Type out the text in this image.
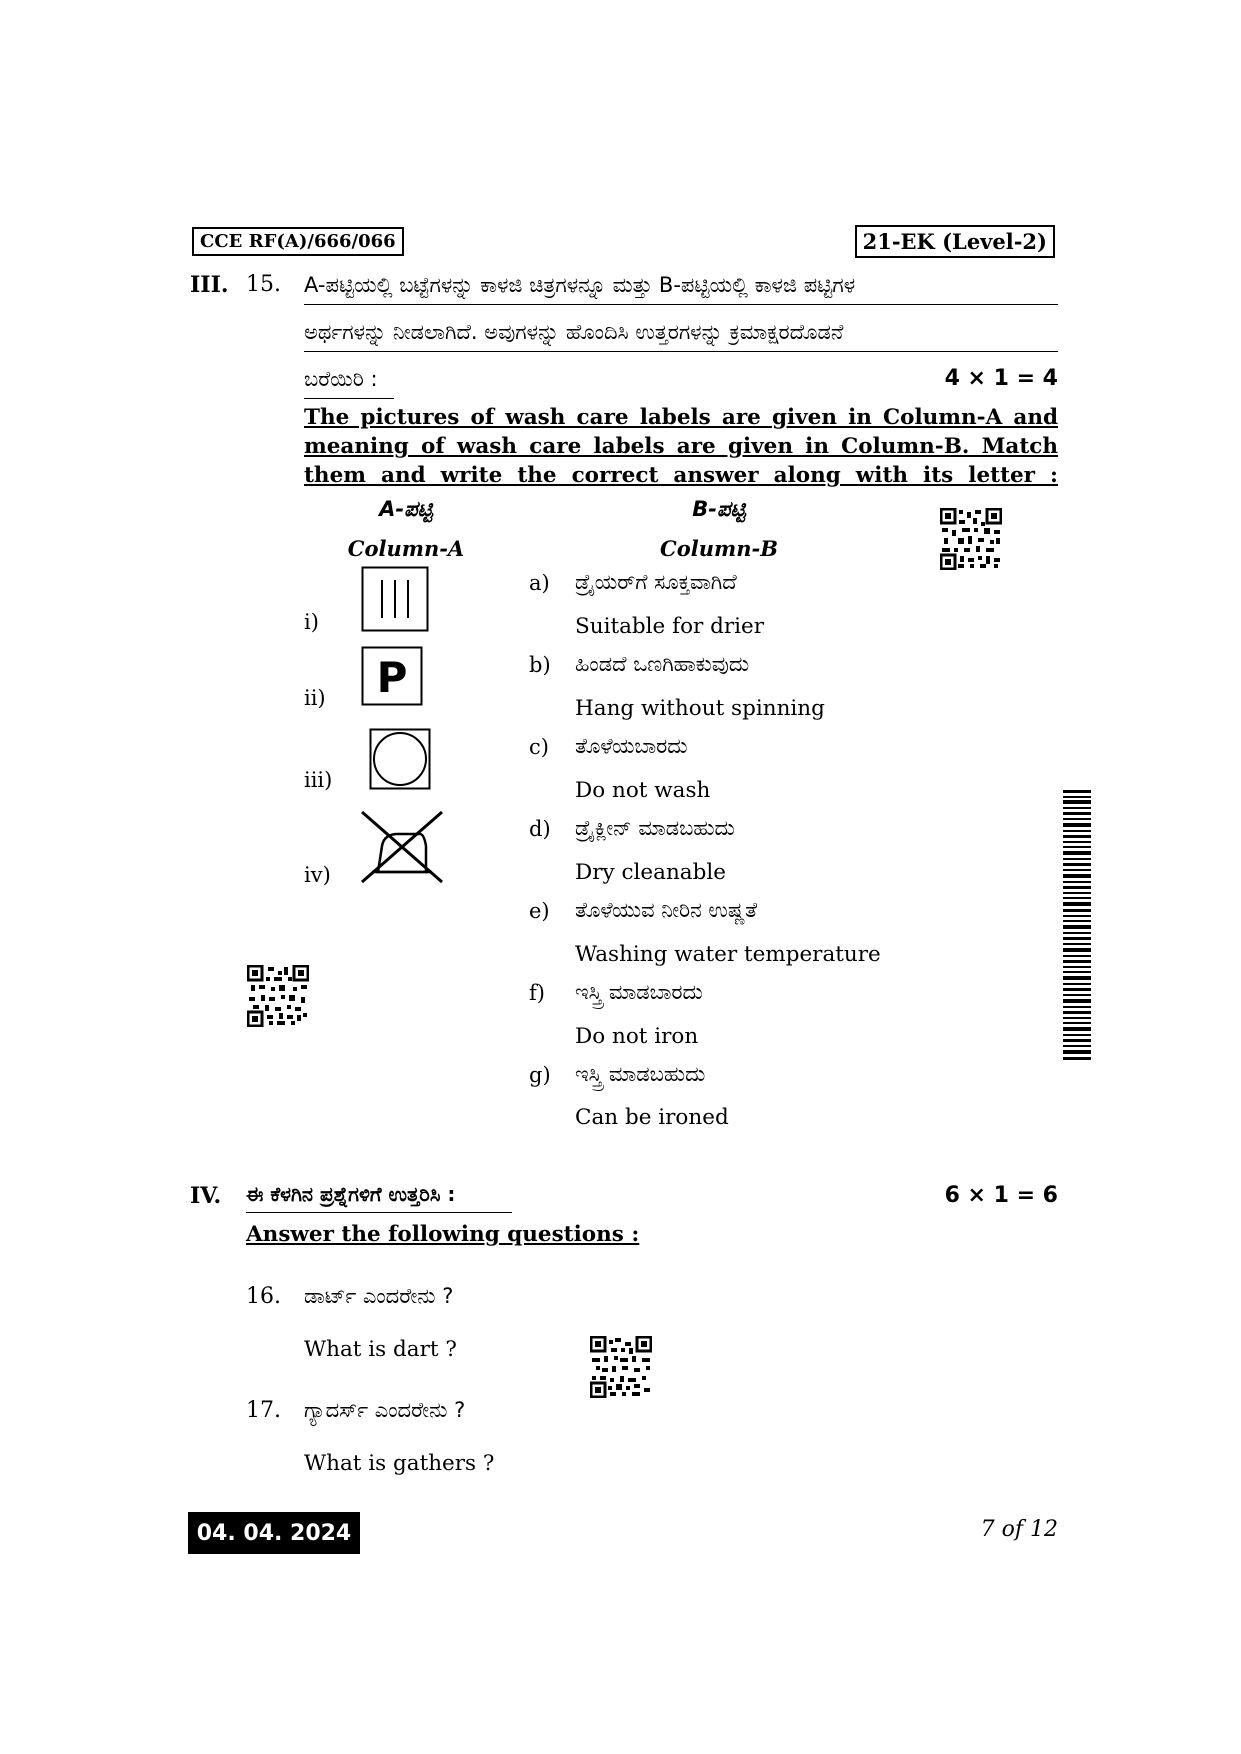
CCE RF(A)/666/066	21-EK (Level-2)
III. 15. A-ಪಟ್ಟಿಯಲ್ಲಿ ಬಟ್ಟೆಗಳನ್ನು ಕಾಳಜಿ ಚಿತ್ರಗಳನ್ನೂ ಮತ್ತು B-ಪಟ್ಟಿಯಲ್ಲಿ ಕಾಳಜಿ ಪಟ್ಟಿಗಳ
ಅರ್ಥಗಳನ್ನು ನೀಡಲಾಗಿದೆ. ಅವುಗಳನ್ನು ಹೊಂದಿಸಿ ಉತ್ತರಗಳನ್ನು ಕ್ರಮಾಕ್ಷರದೊಡನೆ
ಬರೆಯಿರಿ :	4 × 1 = 4
The pictures of wash care labels are given in Column-A and
meaning of wash care labels are given in Column-B. Match
them and write the correct answer along with its letter :
A-ಪಟ್ಟಿ
Column-A
B-ಪಟ್ಟಿ
Column-B
i)
ii) P
iii)
iv)
a) ಡ್ರೈಯರ್‌ಗೆ ಸೂಕ್ತವಾಗಿದೆ
Suitable for drier
b) ಹಿಂಡದೆ ಒಣಗಿಹಾಕುವುದು
Hang without spinning
c) ತೊಳೆಯಬಾರದು
Do not wash
d) ಡ್ರೈಕ್ಲೀನ್ ಮಾಡಬಹುದು
Dry cleanable
e) ತೊಳೆಯುವ ನೀರಿನ ಉಷ್ಣತೆ
Washing water temperature
f) ಇಸ್ತ್ರಿ ಮಾಡಬಾರದು
Do not iron
g) ಇಸ್ತ್ರಿ ಮಾಡಬಹುದು
Can be ironed
IV. ಈ ಕೆಳಗಿನ ಪ್ರಶ್ನೆಗಳಿಗೆ ಉತ್ತರಿಸಿ :	6 × 1 = 6
Answer the following questions :
16. ಡಾರ್ಟ್ ಎಂದರೇನು ?
What is dart ?
17. ಗ್ಯಾದರ್ಸ್ ಎಂದರೇನು ?
What is gathers ?
04. 04. 2024	7 of 12
